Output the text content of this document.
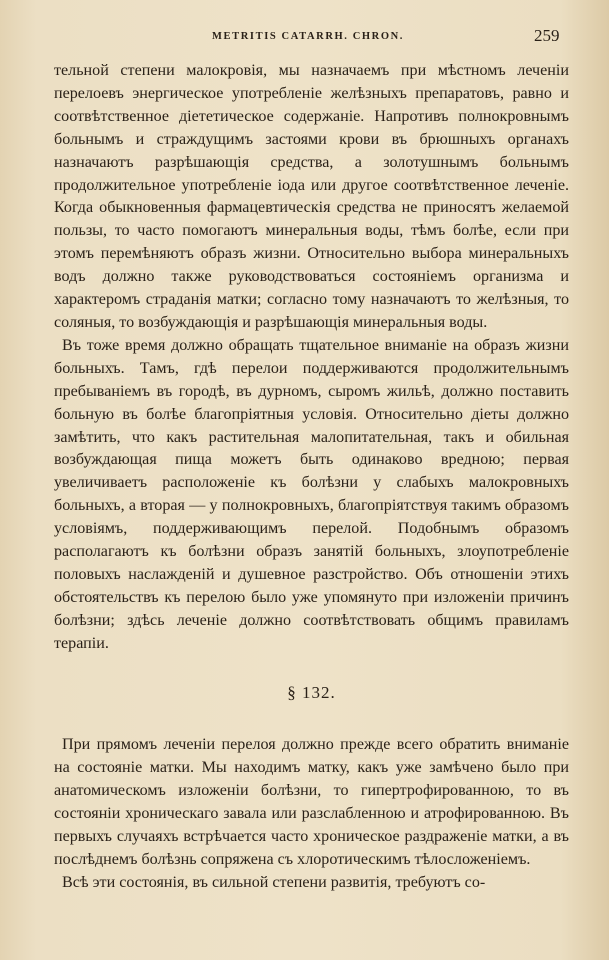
METRITIS CATARRH. CHRON.	259

тельной степени малокровія, мы назначаемъ при мѣстномъ леченіи перелоевъ энергическое употребленіе желѣзныхъ препаратовъ, равно и соотвѣтственное діететическое содержаніе. Напротивъ полнокровнымъ больнымъ и страждущимъ застоями крови въ брюшныхъ органахъ назначаютъ разрѣшающія средства, а золотушнымъ больнымъ продолжительное употребленіе іода или другое соотвѣтственное леченіе. Когда обыкновенныя фармацевтическія средства не приносятъ желаемой пользы, то часто помогаютъ минеральныя воды, тѣмъ болѣе, если при этомъ перемѣняютъ образъ жизни. Относительно выбора минеральныхъ водъ должно также руководствоваться состояніемъ организма и характеромъ страданія матки; согласно тому назначаютъ то желѣзныя, то соляныя, то возбуждающія и разрѣшающія минеральныя воды.

Въ тоже время должно обращать тщательное вниманіе на образъ жизни больныхъ. Тамъ, гдѣ перелои поддерживаются продолжительнымъ пребываніемъ въ городѣ, въ дурномъ, сыромъ жильѣ, должно поставить больную въ болѣе благопріятныя условія. Относительно діеты должно замѣтить, что какъ растительная малопитательная, такъ и обильная возбуждающая пища можетъ быть одинаково вредною; первая увеличиваетъ расположеніе къ болѣзни у слабыхъ малокровныхъ больныхъ, а вторая — у полнокровныхъ, благопріятствуя такимъ образомъ условіямъ, поддерживающимъ перелой. Подобнымъ образомъ располагаютъ къ болѣзни образъ занятій больныхъ, злоупотребленіе половыхъ наслажденій и душевное разстройство. Объ отношеніи этихъ обстоятельствъ къ перелою было уже упомянуто при изложеніи причинъ болѣзни; здѣсь леченіе должно соотвѣтствовать общимъ правиламъ терапіи.

§ 132.

При прямомъ леченіи перелоя должно прежде всего обратить вниманіе на состояніе матки. Мы находимъ матку, какъ уже замѣчено было при анатомическомъ изложеніи болѣзни, то гипертрофированною, то въ состояніи хроническаго завала или разслабленною и атрофированною. Въ первыхъ случаяхъ встрѣчается часто хроническое раздраженіе матки, а въ послѣднемъ болѣзнь сопряжена съ хлоротическимъ тѣлосложеніемъ.

Всѣ эти состоянія, въ сильной степени развитія, требуютъ со-
